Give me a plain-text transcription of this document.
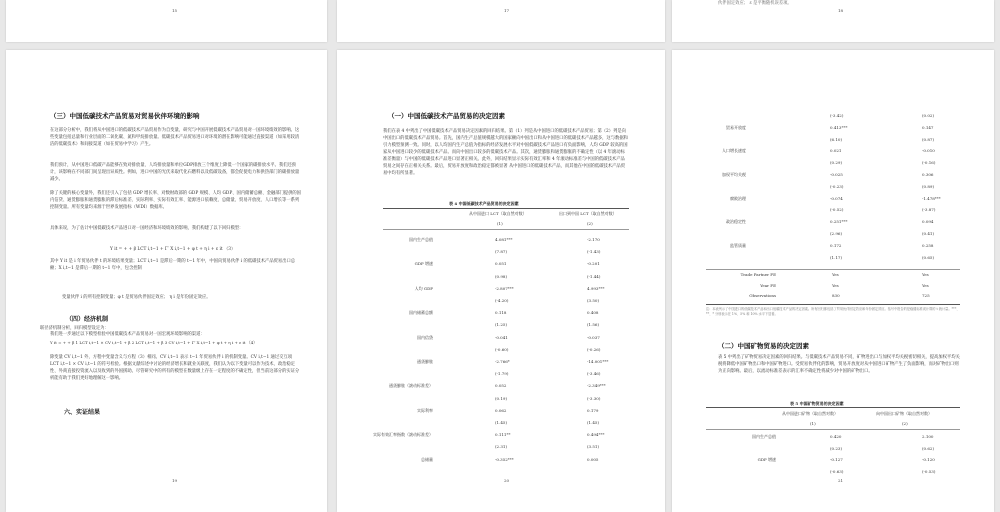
15	17
伙伴固定效应； ε 是平衡随机误差项。
18
（三）中国低碳技术产品贸易对贸易伙伴环境的影响
在这部分分析中，我们将从中国进口的低碳技术产品贸易作为自变量，研究与中国开展低碳技术产品贸易对一国环境绩效的影响。这些变量包括总量和行业层面的二氧化碳、氮和甲烷排放量。低碳技术产品贸易进口对环境的潜在影响可能通过直接渠道（如采用较清洁的低碳技术）和间接渠道（如在贸易中学习）产生。
我们预计，从中国进口低碳产品能够在致对排放量、人均排放量和单位GDP排放三个维度上降低一个国家的碳排放水平。我们还预计，该影响在不同部门间呈现出异质性。例如，进口中国的光伏来取代化石燃料以及低碳设备，都会促使电力和供热部门的碳排放量减少。
除了关键的核心变量外，我们还引入了包括 GDP 增长率、对数财政部的 GDP 规模、人均 GDP、国内储蓄总额、金融部门提供的国内信贷、通货膨胀和通货膨胀的滞后标准差、实际利率、实际有效汇率、能源进口依赖度、总储量、贸易开放度、人口增长等一系列控制变量。所有变量均来源于世界发展指标（WDI）数据库。
具体来说，为了估计中国低碳技术产品进口对一国经济和环境绩效的影响，我们构建了以下回归模型：
Y it = + + β LCT i,t−1 + Γ′ X i,t−1 + φ t + η i + ε it （3）
其中 Y it 是 i 年贸易伙伴 t 的环境结果变量；LCT i,t−1 是滞后一期的 t−1 年中，中国向贸易伙伴 i 的低碳技术产品贸易出口总额；X i,t−1 是滞后一期的 t−1 年中，包含控制
变量伙伴 i 的所有控制变量；φ t 是贸易伙伴固定效应； η i 是年份固定效应。
（四）经济机制
联径济机制分析，回归模型设定为：
我们进一步通过以下模型检验中国低碳技术产品贸易对一国宏观环境影响的渠道：
Y it = + + β 1 LCT i,t−1 × CV i,t−1 + β 2 LCT i,t−1 + β 3 CV i,t−1 + Γ′ X i,t−1 + φ t + η i + ε it （4）
除变量 CV i,t−1 外，方程中变量含义与方程（3）相同。CV i,t−1 表示 t−1 年贸易伙伴 i 的机制变量。CV i,t−1 通过交互项 LCT i,t−1 × CV i,t−1 的符号检验。根据文献综述中讨论的经济增长和就业关联度，我们认为以下变量可以作为技术、政治稳定性、外商直接投资流入以及收到的外国援助。尽管研究中的所有的模型在数量级上存在一定程度的不确定性，但当前这部分的实证分析能有助于我们更好地理解这一影响。
六、实证结果
19
（一）中国低碳技术产品贸易的决定因素
我们在表 4 中列出了中国低碳技术产品贸易决定因素的回归结果。第（1）列是从中国进口的低碳技术产品贸易；第（2）列是向中国出口的低碳技术产品贸易。首先，国内生产总值规模越大的国家额向中国出口和从中国进口的低碳技术产品越多，这与数据和引力模型预测一致。同时，以人均国内生产总值为指标的经济发展水平对中国低碳技术产品进口有负面影响，人均 GDP 较高的国家从中国进口较少的低碳技术产品。而向中国出口较多的低碳技术产品。其次，通货膨胀和通货膨胀的不确定性（以 4 年滚动标准差衡量）与中国的低碳技术产品进口显著正相关。此外，回归结果显示实际有效汇率和 4 年滚动标准差与中国的低碳技术产品贸易之间存在正相关关系。最后，贸易开放度和政治稳定都被显著 从中国进口的低碳技术产品，而其他在中国的低碳技术产品贸易中均有所显著。
表 4 中国低碳技术产品贸易的决定因素
从中国进口 LCT（取自然对数）	出口到中国 LCT（取自然对数）
(1)	(2)
国内生产总值	4.081***	-2.170
(7.87)	(-1.43)
GDP 增速	0.051	-0.201
(0.98)	(-1.44)
人均 GDP	-2.807***	4.993***
(-4.20)	(3.50)
国内储蓄总额	0.118	0.408
(1.25)	(1.56)
国内信贷	-0.041	-0.037
(-0.60)	(-0.26)
通货膨胀	-2.766*	-14.001***
(-1.79)	(-3.46)
通货膨胀（滚动标准差）	0.052	-2.349***
(0.19)	(-3.30)
实际利率	0.062	0.179
(1.45)	(1.45)
实际有效汇率指数（滚动标准差）	0.111**	0.494***
(2.31)	(3.51)
总储量	-0.352***	0.005
20
(-3.42)	(0.02)
贸易开放度	0.413***	0.147
(6.10)	(0.87)
人口增长速度	0.021	-0.010
(0.29)	(-0.16)
加权平均关税	-0.025	0.306
(-0.23)	(0.89)
腐败治理	-0.074	-1.478***
(-0.52)	(-3.87)
政治稳定性	0.251***	0.094
(2.96)	(0.41)
监管质量	0.172	0.258
(1.17)	(0.65)
Trade Partner FE	Yes	Yes
Year FE	Yes	Yes
Observations	830	725
注：本表列示了中国进口的低碳技术产品和出口低碳技术产品的决定因素。所有回归都包括了贸易伙伴固定效应和年份固定效应。括号中报告的是稳健标准误计算的 t 统计量。***、**、* 分别表示在 1%、5% 和 10% 水平下显著。
（二）中国矿物贸易的决定因素
表 5 中列出了矿物贸易决定因素的回归结果。与低碳技术产品贸易不同，矿物进出口与加权平均关税密切相关，提高加权平均关税将降低中国矿物出口和中国矿物进口。受贸易伙伴化的影响，贸易开放度对从中国进口矿物产生了负面影响，而对矿物出口则为正向影响。最后，以流动标准差表示的汇率不确定性将减少对中国的矿物出口。
表 5 中国矿物贸易的决定因素
从中国进口矿物（取自然对数）	向中国出口矿物（取自然对数）
(1)	(2)
国内生产总值	0.420	2.100
(0.23)	(0.62)
GDP 增速	-0.127	-0.120
(-0.63)	(-0.53)
21
